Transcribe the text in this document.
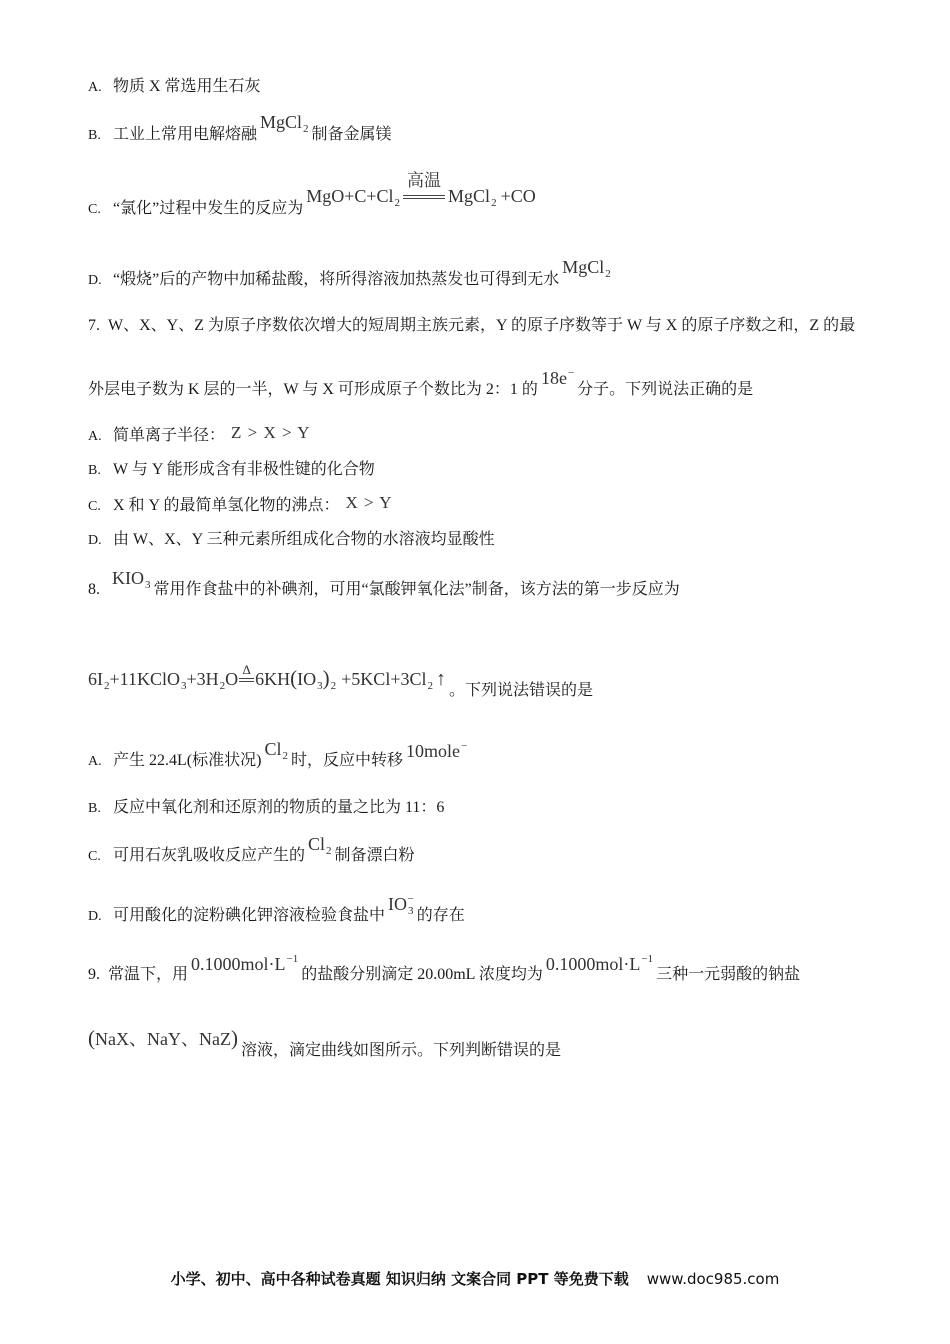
A. 物质 X 常选用生石灰
B. 工业上常用电解熔融MgCl$_2$ 制备金属镁
C. “氯化”过程中发生的反应为$MgO+C+Cl_2$
高温
MgCl$_2$ +CO
D. “煅烧”后的产物中加稀盐酸，将所得溶液加热蒸发也可得到无水MgCl$_2$
7. W、X、Y、Z 为原子序数依次增大的短周期主族元素，Y 的原子序数等于 W 与 X 的原子序数之和，Z 的最
外层电子数为 K 层的一半，W 与 X 可形成原子个数比为 2：1 的18e−分子。下列说法正确的是
A. 简单离子半径： Z > X > Y
B. W 与 Y 能形成含有非极性键的化合物
C. X 和 Y 的最简单氢化物的沸点： X > Y
D. 由 W、X、Y 三种元素所组成化合物的水溶液均显酸性
$8.KIO_3$ 常用作食盐中的补碘剂，可用“氯酸钾氧化法”制备，该方法的第一步反应为
$6I_2+11KClO_3+3H_2O$ Δ $6KH(IO_3)_2 +5KCl+3Cl_2$ ↑。下列说法错误的是
A. 产生 22.4L(标准状况)$Cl_2$ 时，反应中转移 10mole−
B. 反应中氧化剂和还原剂的物质的量之比为 11：6
C. 可用石灰乳吸收反应产生的$Cl_2$ 制备漂白粉
D. 可用酸化的淀粉碘化钾溶液检验食盐中$IO_3^-$的存在
9. 常温下，用$0.1000mol\cdot L^{-1}$的盐酸分别滴定 20.00mL 浓度均为$0.1000mol\cdot L^{-1}$三种一元弱酸的钠盐
(NaX、NaY、NaZ)溶液，滴定曲线如图所示。下列判断错误的是
小学、初中、高中各种试卷真题 知识归纳 文案合同 PPT 等免费下载 www.doc985.com
